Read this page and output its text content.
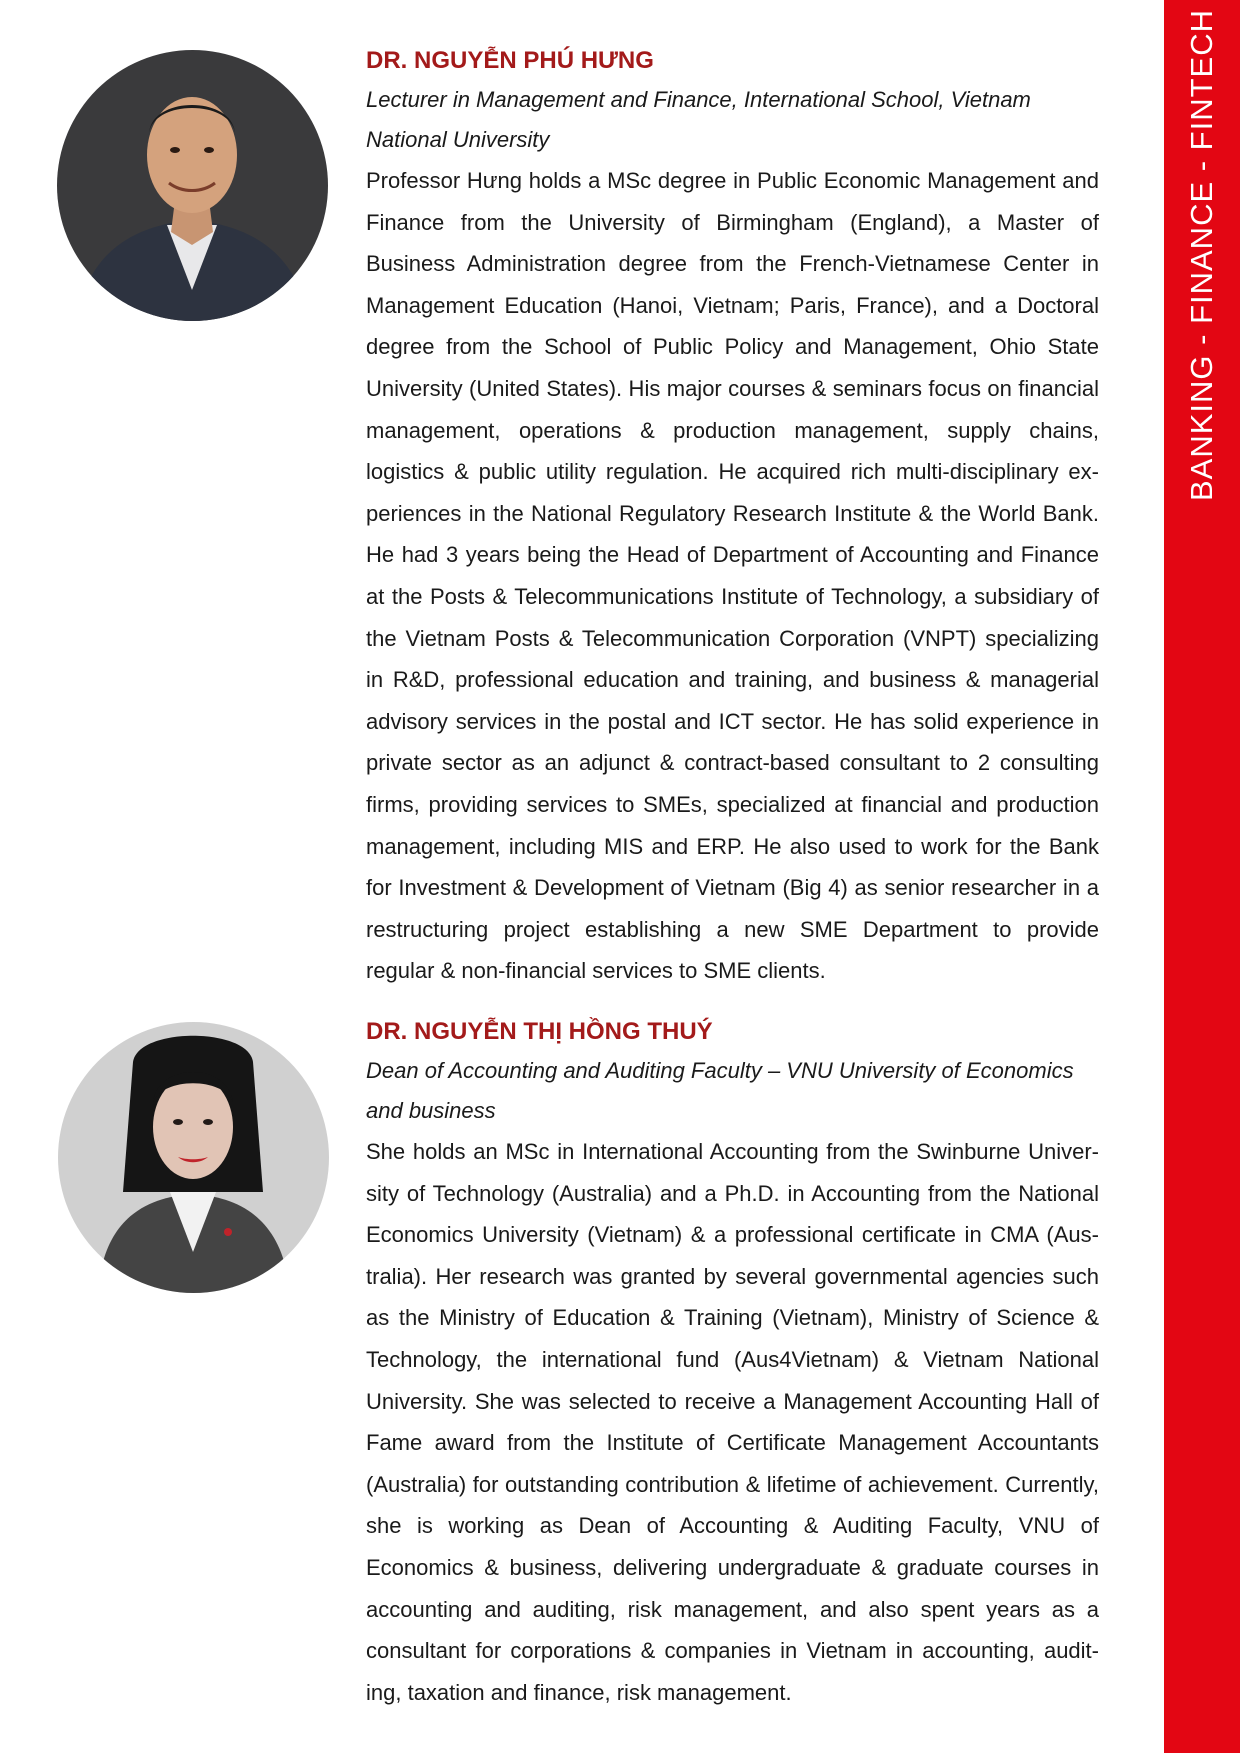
BANKING - FINANCE - FINTECH
DR. NGUYỄN PHÚ HƯNG
Lecturer in Management and Finance, International School, Vietnam National University
Professor Hưng holds a MSc degree in Public Economic Management and Finance from the University of Birmingham (England), a Master of Business Administration degree from the French-Vietnamese Center in Management Education (Hanoi, Vietnam; Paris, France), and a Doctoral degree from the School of Public Policy and Management, Ohio State University (United States). His major courses & seminars focus on financial management, operations & production management, supply chains, logistics & public utility regulation. He acquired rich multi-disciplinary experiences in the National Regulatory Research Institute & the World Bank. He had 3 years being the Head of Department of Accounting and Finance at the Posts & Telecommunications Institute of Technology, a subsidiary of the Vietnam Posts & Telecommunication Corporation (VNPT) specializing in R&D, professional education and training, and business & managerial advisory services in the postal and ICT sector. He has solid experience in private sector as an adjunct & contract-based consultant to 2 consulting firms, providing services to SMEs, specialized at financial and production management, including MIS and ERP. He also used to work for the Bank for Investment & Development of Vietnam (Big 4) as senior researcher in a restructuring project establishing a new SME Department to provide regular & non-financial services to SME clients.
DR. NGUYỄN THỊ HỒNG THUÝ
Dean of Accounting and Auditing Faculty – VNU University of Economics and business
She holds an MSc in International Accounting from the Swinburne University of Technology (Australia) and a Ph.D. in Accounting from the National Economics University (Vietnam) & a professional certificate in CMA (Australia). Her research was granted by several governmental agencies such as the Ministry of Education & Training (Vietnam), Ministry of Science & Technology, the international fund (Aus4Vietnam) & Vietnam National University. She was selected to receive a Management Accounting Hall of Fame award from the Institute of Certificate Management Accountants (Australia) for outstanding contribution & lifetime of achievement. Currently, she is working as Dean of Accounting & Auditing Faculty, VNU of Economics & business, delivering undergraduate & graduate courses in accounting and auditing, risk management, and also spent years as a consultant for corporations & companies in Vietnam in accounting, auditing, taxation and finance, risk management.
